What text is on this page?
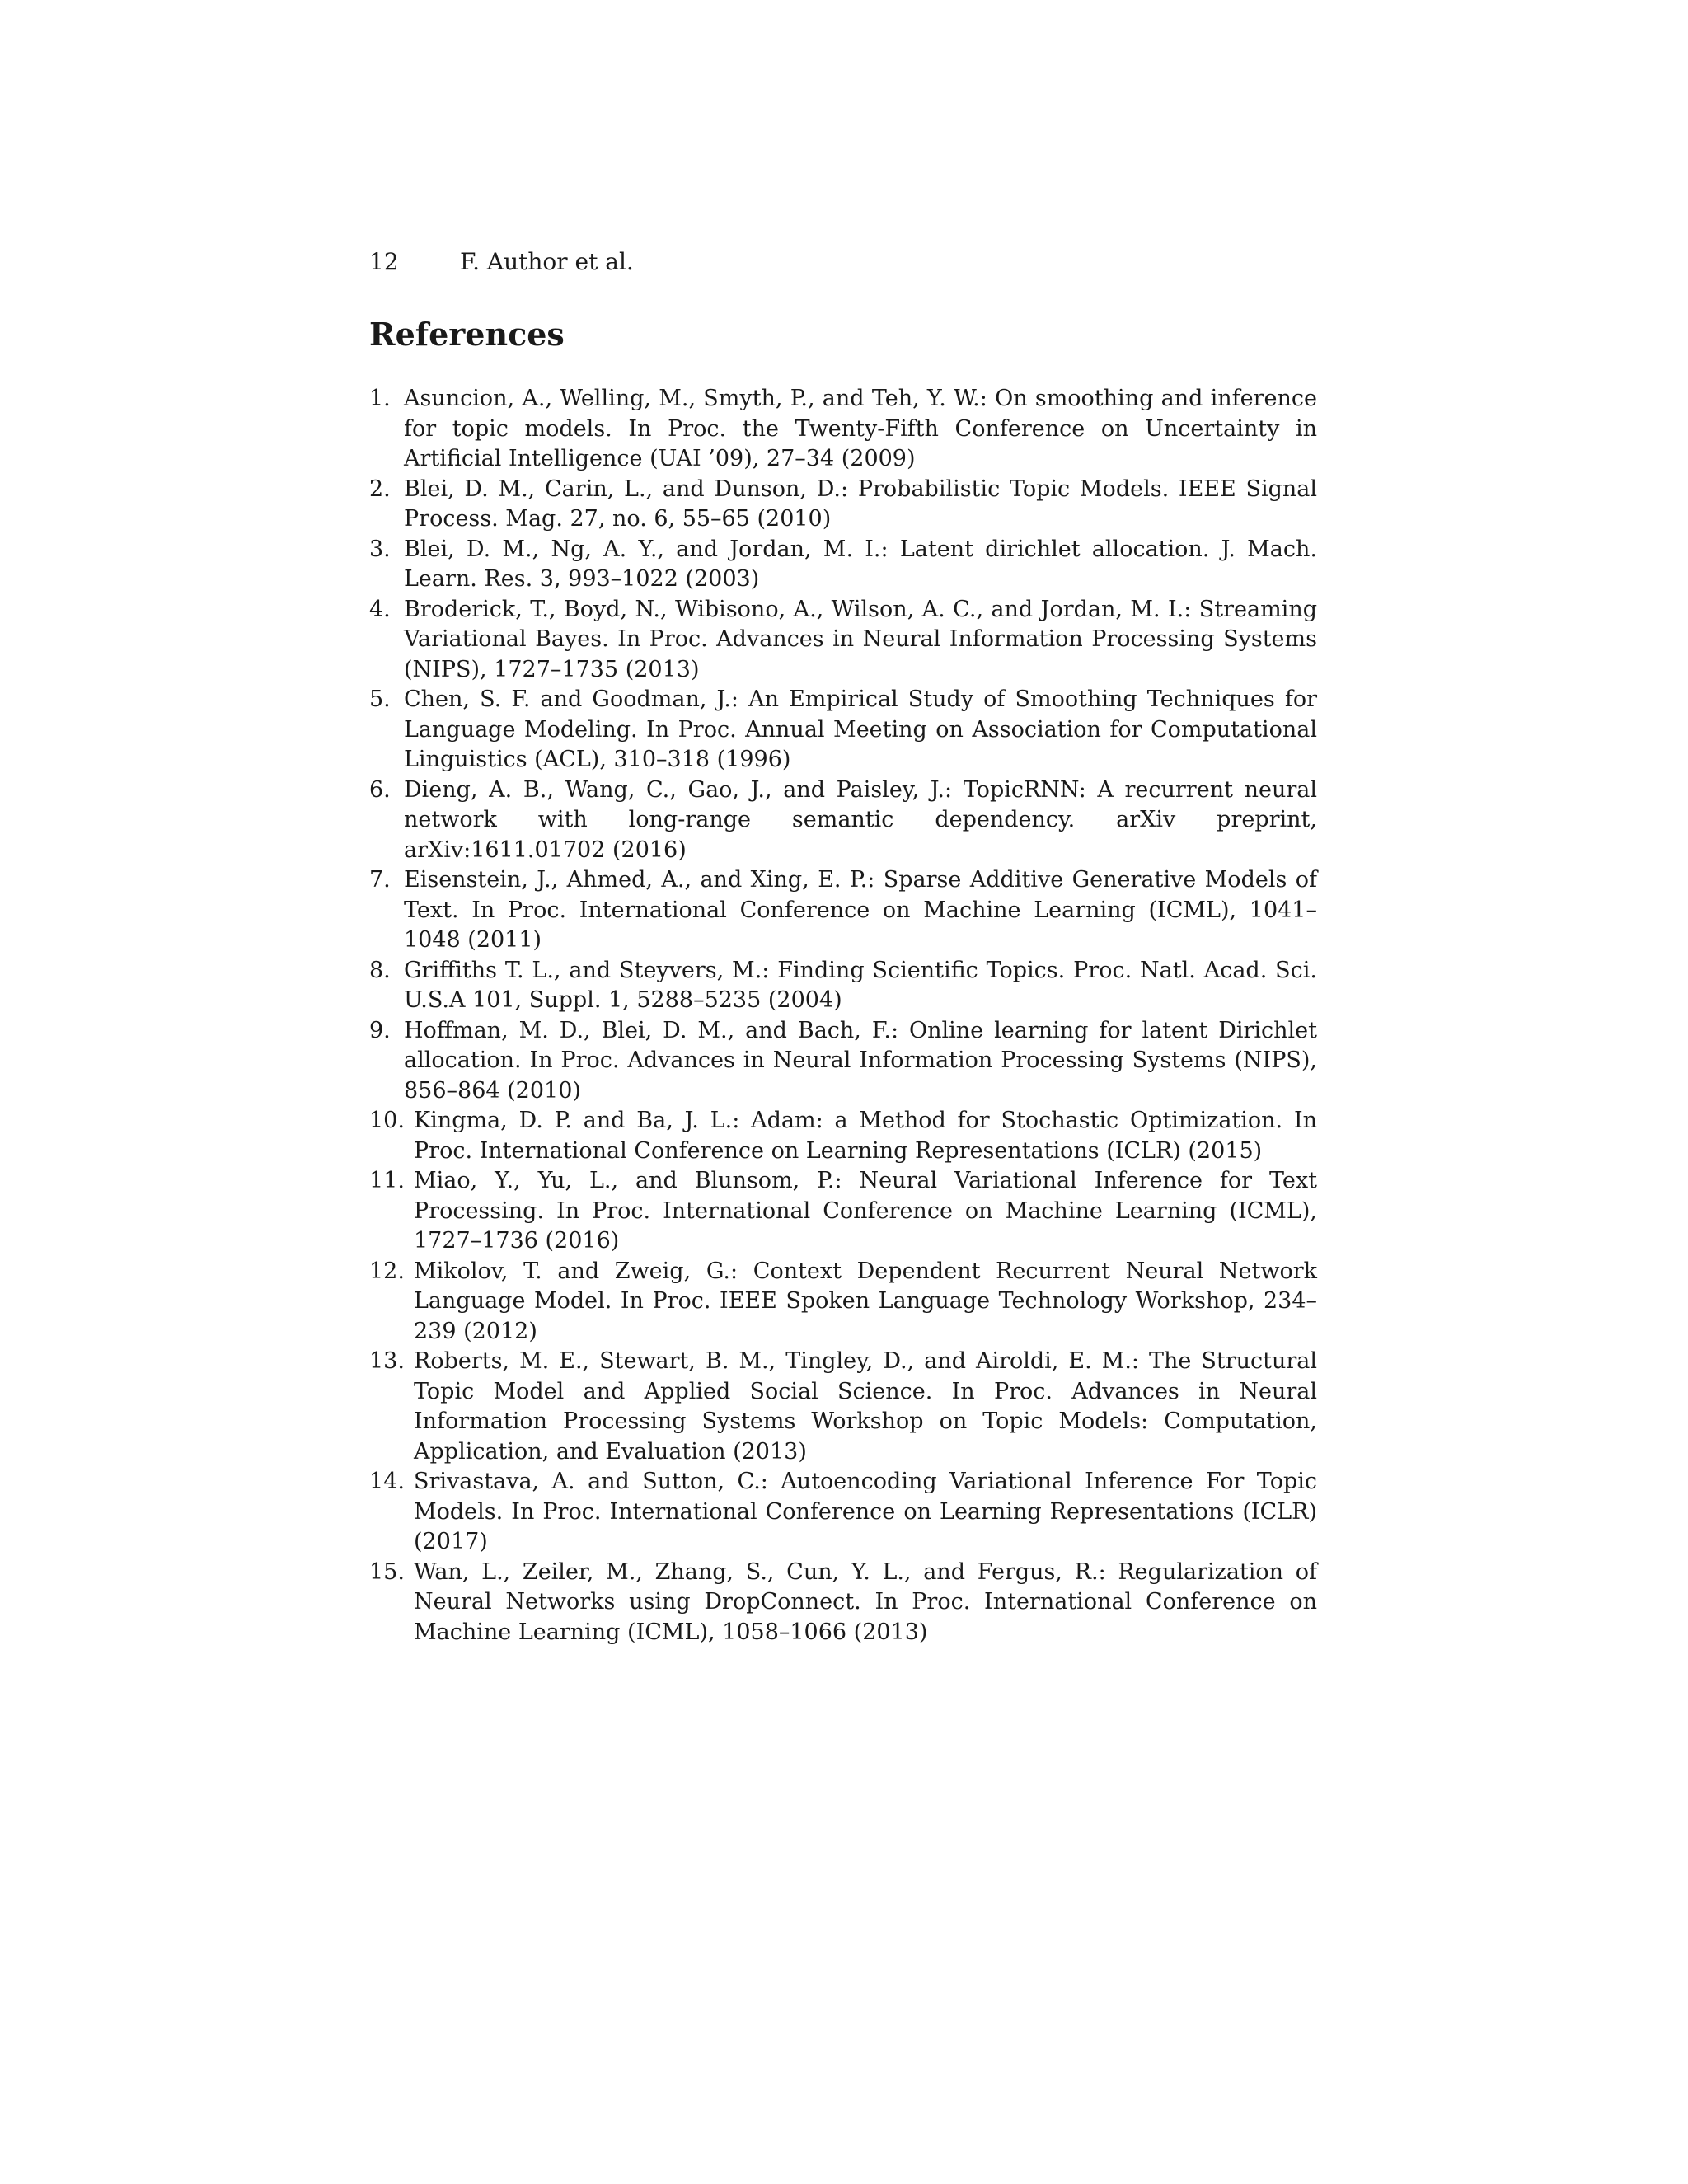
12	F. Author et al.
References
1. Asuncion, A., Welling, M., Smyth, P., and Teh, Y. W.: On smoothing and inference for topic models. In Proc. the Twenty-Fifth Conference on Uncertainty in Artificial Intelligence (UAI ’09), 27–34 (2009)
2. Blei, D. M., Carin, L., and Dunson, D.: Probabilistic Topic Models. IEEE Signal Process. Mag. 27, no. 6, 55–65 (2010)
3. Blei, D. M., Ng, A. Y., and Jordan, M. I.: Latent dirichlet allocation. J. Mach. Learn. Res. 3, 993–1022 (2003)
4. Broderick, T., Boyd, N., Wibisono, A., Wilson, A. C., and Jordan, M. I.: Streaming Variational Bayes. In Proc. Advances in Neural Information Processing Systems (NIPS), 1727–1735 (2013)
5. Chen, S. F. and Goodman, J.: An Empirical Study of Smoothing Techniques for Language Modeling. In Proc. Annual Meeting on Association for Computational Linguistics (ACL), 310–318 (1996)
6. Dieng, A. B., Wang, C., Gao, J., and Paisley, J.: TopicRNN: A recurrent neural network with long-range semantic dependency. arXiv preprint, arXiv:1611.01702 (2016)
7. Eisenstein, J., Ahmed, A., and Xing, E. P.: Sparse Additive Generative Models of Text. In Proc. International Conference on Machine Learning (ICML), 1041–1048 (2011)
8. Griffiths T. L., and Steyvers, M.: Finding Scientific Topics. Proc. Natl. Acad. Sci. U.S.A 101, Suppl. 1, 5288–5235 (2004)
9. Hoffman, M. D., Blei, D. M., and Bach, F.: Online learning for latent Dirichlet allocation. In Proc. Advances in Neural Information Processing Systems (NIPS), 856–864 (2010)
10. Kingma, D. P. and Ba, J. L.: Adam: a Method for Stochastic Optimization. In Proc. International Conference on Learning Representations (ICLR) (2015)
11. Miao, Y., Yu, L., and Blunsom, P.: Neural Variational Inference for Text Processing. In Proc. International Conference on Machine Learning (ICML), 1727–1736 (2016)
12. Mikolov, T. and Zweig, G.: Context Dependent Recurrent Neural Network Language Model. In Proc. IEEE Spoken Language Technology Workshop, 234–239 (2012)
13. Roberts, M. E., Stewart, B. M., Tingley, D., and Airoldi, E. M.: The Structural Topic Model and Applied Social Science. In Proc. Advances in Neural Information Processing Systems Workshop on Topic Models: Computation, Application, and Evaluation (2013)
14. Srivastava, A. and Sutton, C.: Autoencoding Variational Inference For Topic Models. In Proc. International Conference on Learning Representations (ICLR) (2017)
15. Wan, L., Zeiler, M., Zhang, S., Cun, Y. L., and Fergus, R.: Regularization of Neural Networks using DropConnect. In Proc. International Conference on Machine Learning (ICML), 1058–1066 (2013)
